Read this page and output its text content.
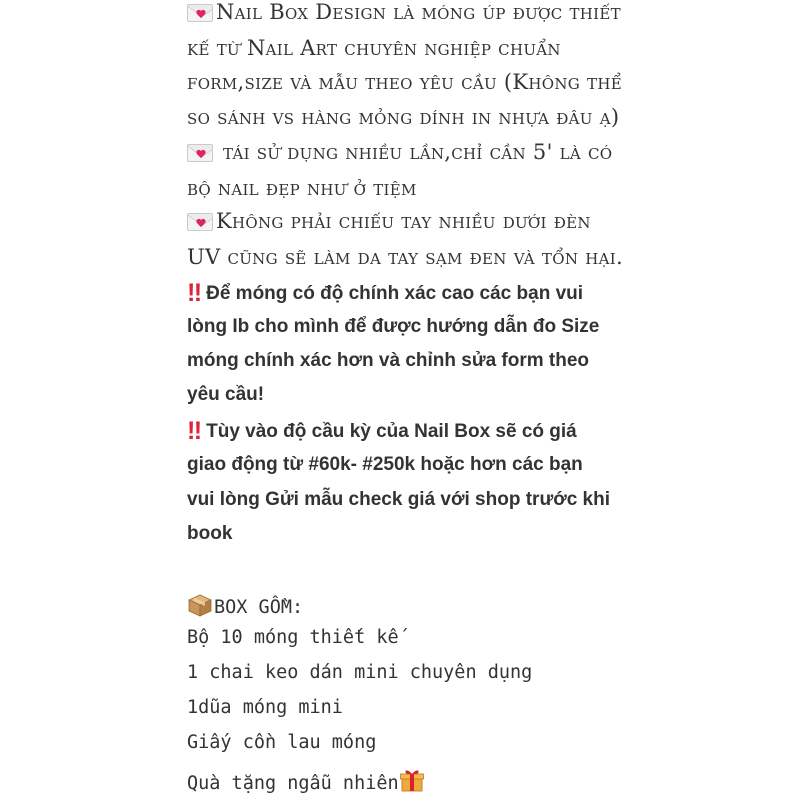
Nail Box Design là móng úp được thiết
kế từ Nail Art chuyên nghiệp chuẩn
form,size và mẫu theo yêu cầu (Không thể
so sánh vs hàng mỏng dính in nhựa đâu ạ)
tái sử dụng nhiều lần,chỉ cần 5' là có
bộ nail đẹp như ở tiệm
Không phải chiếu tay nhiều dưới đèn
UV cũng sẽ làm da tay sạm đen và tổn hại.
‼ Để móng có độ chính xác cao các bạn vui
lòng Ib cho mình để được hướng dẫn đo Size
móng chính xác hơn và chỉnh sửa form theo
yêu cầu!
‼ Tùy vào độ cầu kỳ của Nail Box sẽ có giá
giao động từ #60k- #250k hoặc hơn các bạn
vui lòng Gửi mẫu check giá với shop trước khi
book
BOX GỒM:
Bộ 10 móng thiết kế
1 chai keo dán mini chuyên dụng
1dũa móng mini
Giấy cồn lau móng
Quà tặng ngẫu nhiên
